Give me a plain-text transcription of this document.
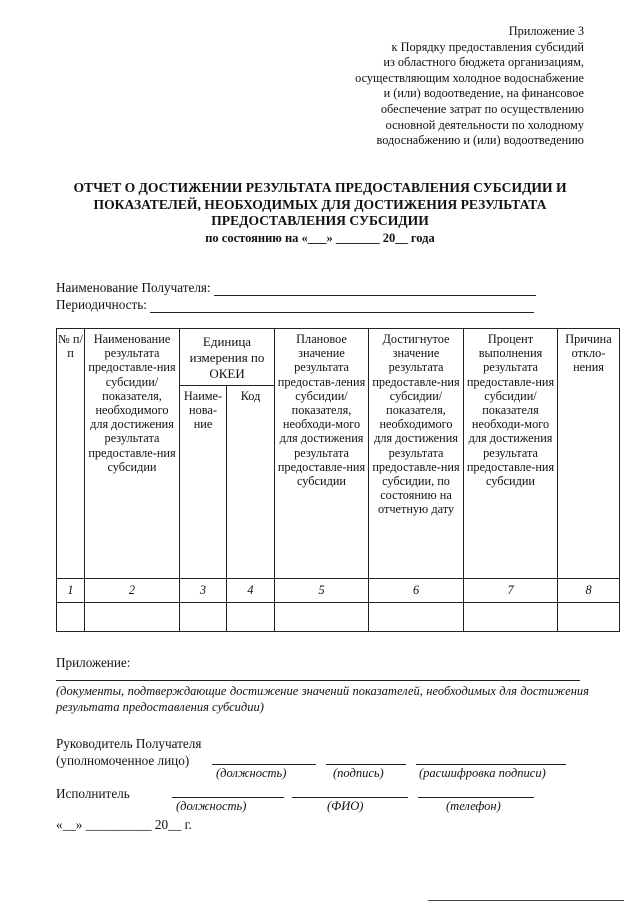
Приложение 3
к Порядку предоставления субсидий
из областного бюджета организациям,
осуществляющим холодное водоснабжение
и (или) водоотведение, на финансовое
обеспечение затрат по осуществлению
основной деятельности по холодному
водоснабжению и (или) водоотведению
ОТЧЕТ О ДОСТИЖЕНИИ РЕЗУЛЬТАТА ПРЕДОСТАВЛЕНИЯ СУБСИДИИ И
ПОКАЗАТЕЛЕЙ, НЕОБХОДИМЫХ ДЛЯ ДОСТИЖЕНИЯ РЕЗУЛЬТАТА
ПРЕДОСТАВЛЕНИЯ СУБСИДИИ
по состоянию на «___» _______ 20__ года
Наименование Получателя:
Периодичность:
№ п/п	Наименование результата предоставле-ния субсидии/ показателя, необходимого для достижения результата предоставле-ния субсидии	Единица измерения по ОКЕИ		Плановое значение результата предостав-ления субсидии/ показателя, необходи-мого для достижения результата предоставле-ния субсидии	Достигнутое значение результата предоставле-ния субсидии/ показателя, необходимого для достижения результата предоставле-ния субсидии, по состоянию на отчетную дату	Процент выполнения результата предоставле-ния субсидии/ показателя необходи-мого для достижения результата предоставле-ния субсидии	Причина откло-нения
		Наиме-нова-ние	Код				
1	2	3	4	5	6	7	8

Приложение:
(документы, подтверждающие достижение значений показателей, необходимых для достижения результата предоставления субсидии)
Руководитель Получателя
(уполномоченное лицо)
(должность)	(подпись)	(расшифровка подписи)
Исполнитель
(должность)	(ФИО)	(телефон)
«__» __________ 20__ г.
